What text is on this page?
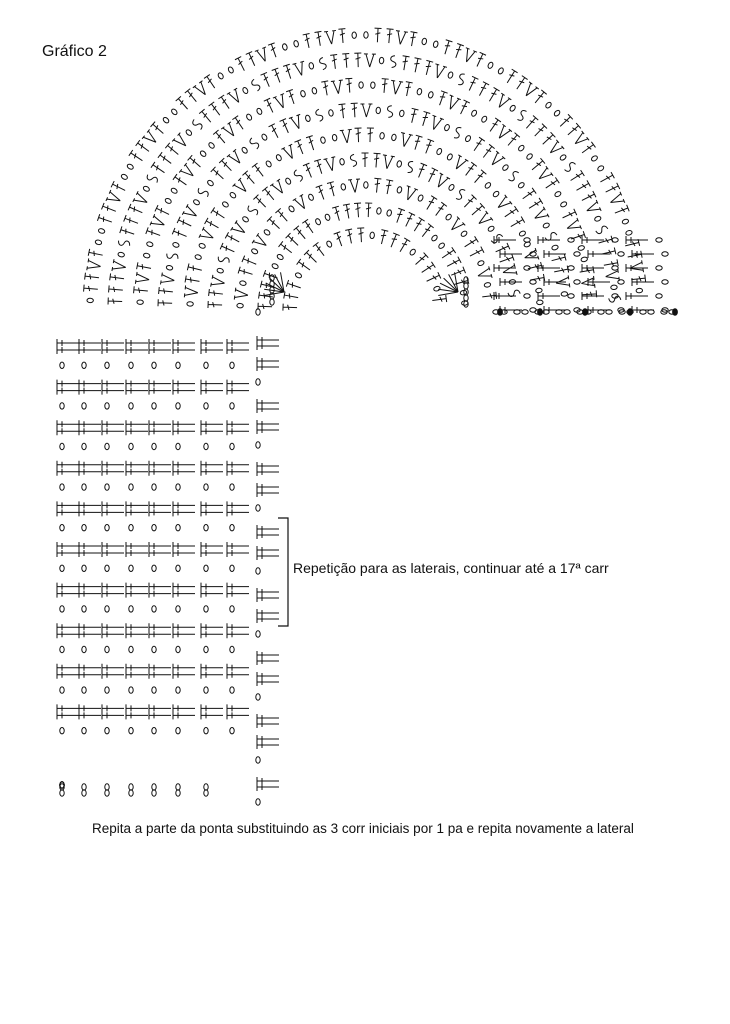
Gráfico 2
Repetição para as laterais, continuar até a 17ª carr
Repita a parte da ponta substituindo as 3 corr iniciais por 1 pa e repita novamente a lateral
